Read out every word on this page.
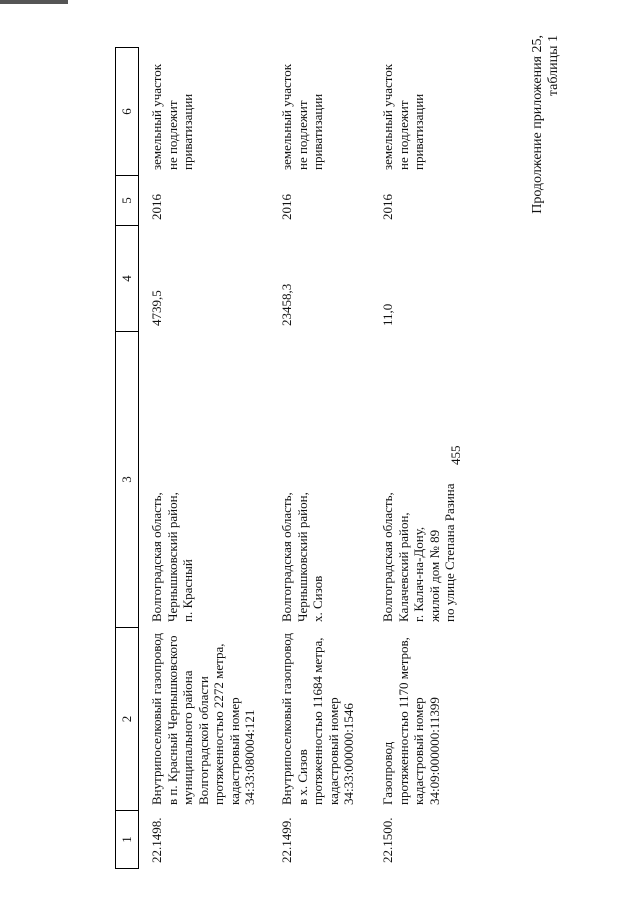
455
Продолжение приложения 25, таблицы 1
1
2
3
4
5
6
22.1498.
Внутрипоселковый газопровод
в п. Красный Чернышковского
муниципального района
Волгоградской области
протяженностью 2272 метра,
кадастровый номер
34:33:080004:121
Волгоградская область,
Чернышковский район,
п. Красный
4739,5
2016
земельный участок
не подлежит
приватизации
22.1499.
Внутрипоселковый газопровод
в х. Сизов
протяженностью 11684 метра,
кадастровый номер
34:33:000000:1546
Волгоградская область,
Чернышковский район,
х. Сизов
23458,3
2016
земельный участок
не подлежит
приватизации
22.1500.
Газопровод
протяженностью 1170 метров,
кадастровый номер
34:09:000000:11399
Волгоградская область,
Калачевский район,
г. Калач-на-Дону,
жилой дом № 89
по улице Степана Разина
11,0
2016
земельный участок
не подлежит
приватизации
